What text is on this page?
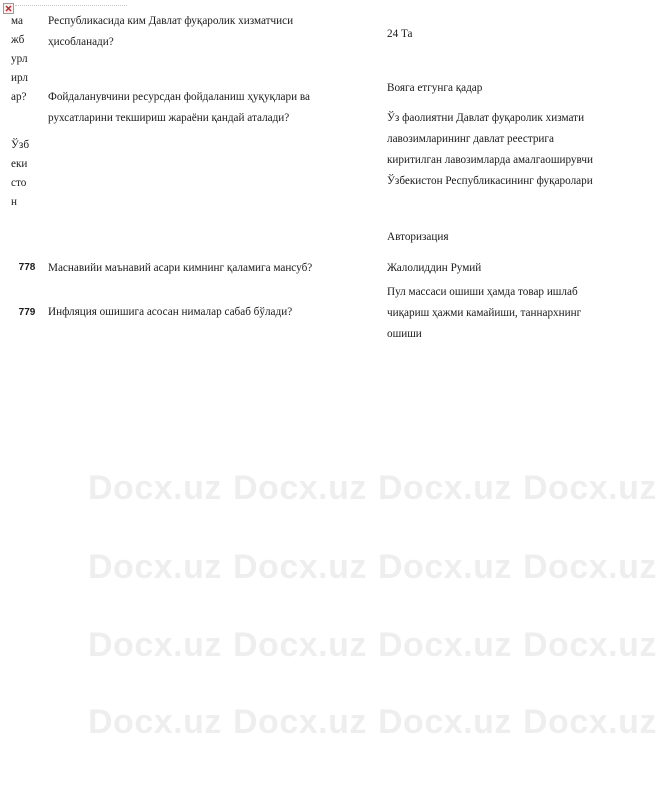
Docx.uz Docx.uz Docx.uz Docx.uz
Docx.uz Docx.uz Docx.uz Docx.uz
Docx.uz Docx.uz Docx.uz Docx.uz
Docx.uz Docx.uz Docx.uz Docx.uz
ма
жб
урл
ирл
ар?
Ўзб
еки
сто
н
Республикасида ким Давлат фуқаролик хизматчиси ҳисобланади?
Фойдаланувчини ресурсдан фойдаланиш ҳуқуқлари ва рухсатларини текшириш жараёни қандай аталади?
778	Маснавийи маънавий асари кимнинг қаламига мансуб?
779	Инфляция ошишига асосан нималар сабаб бўлади?
24 Та
Вояга етгунга қадар
Ўз фаолиятни Давлат фуқаролик хизмати лавозимларининг давлат реестрига киритилган лавозимларда амалгаоширувчи Ўзбекистон Республикасининг фуқаролари
Авторизация
Жалолиддин Румий
Пул массаси ошиши ҳамда товар ишлаб чиқариш ҳажми камайиши, таннархнинг ошиши
